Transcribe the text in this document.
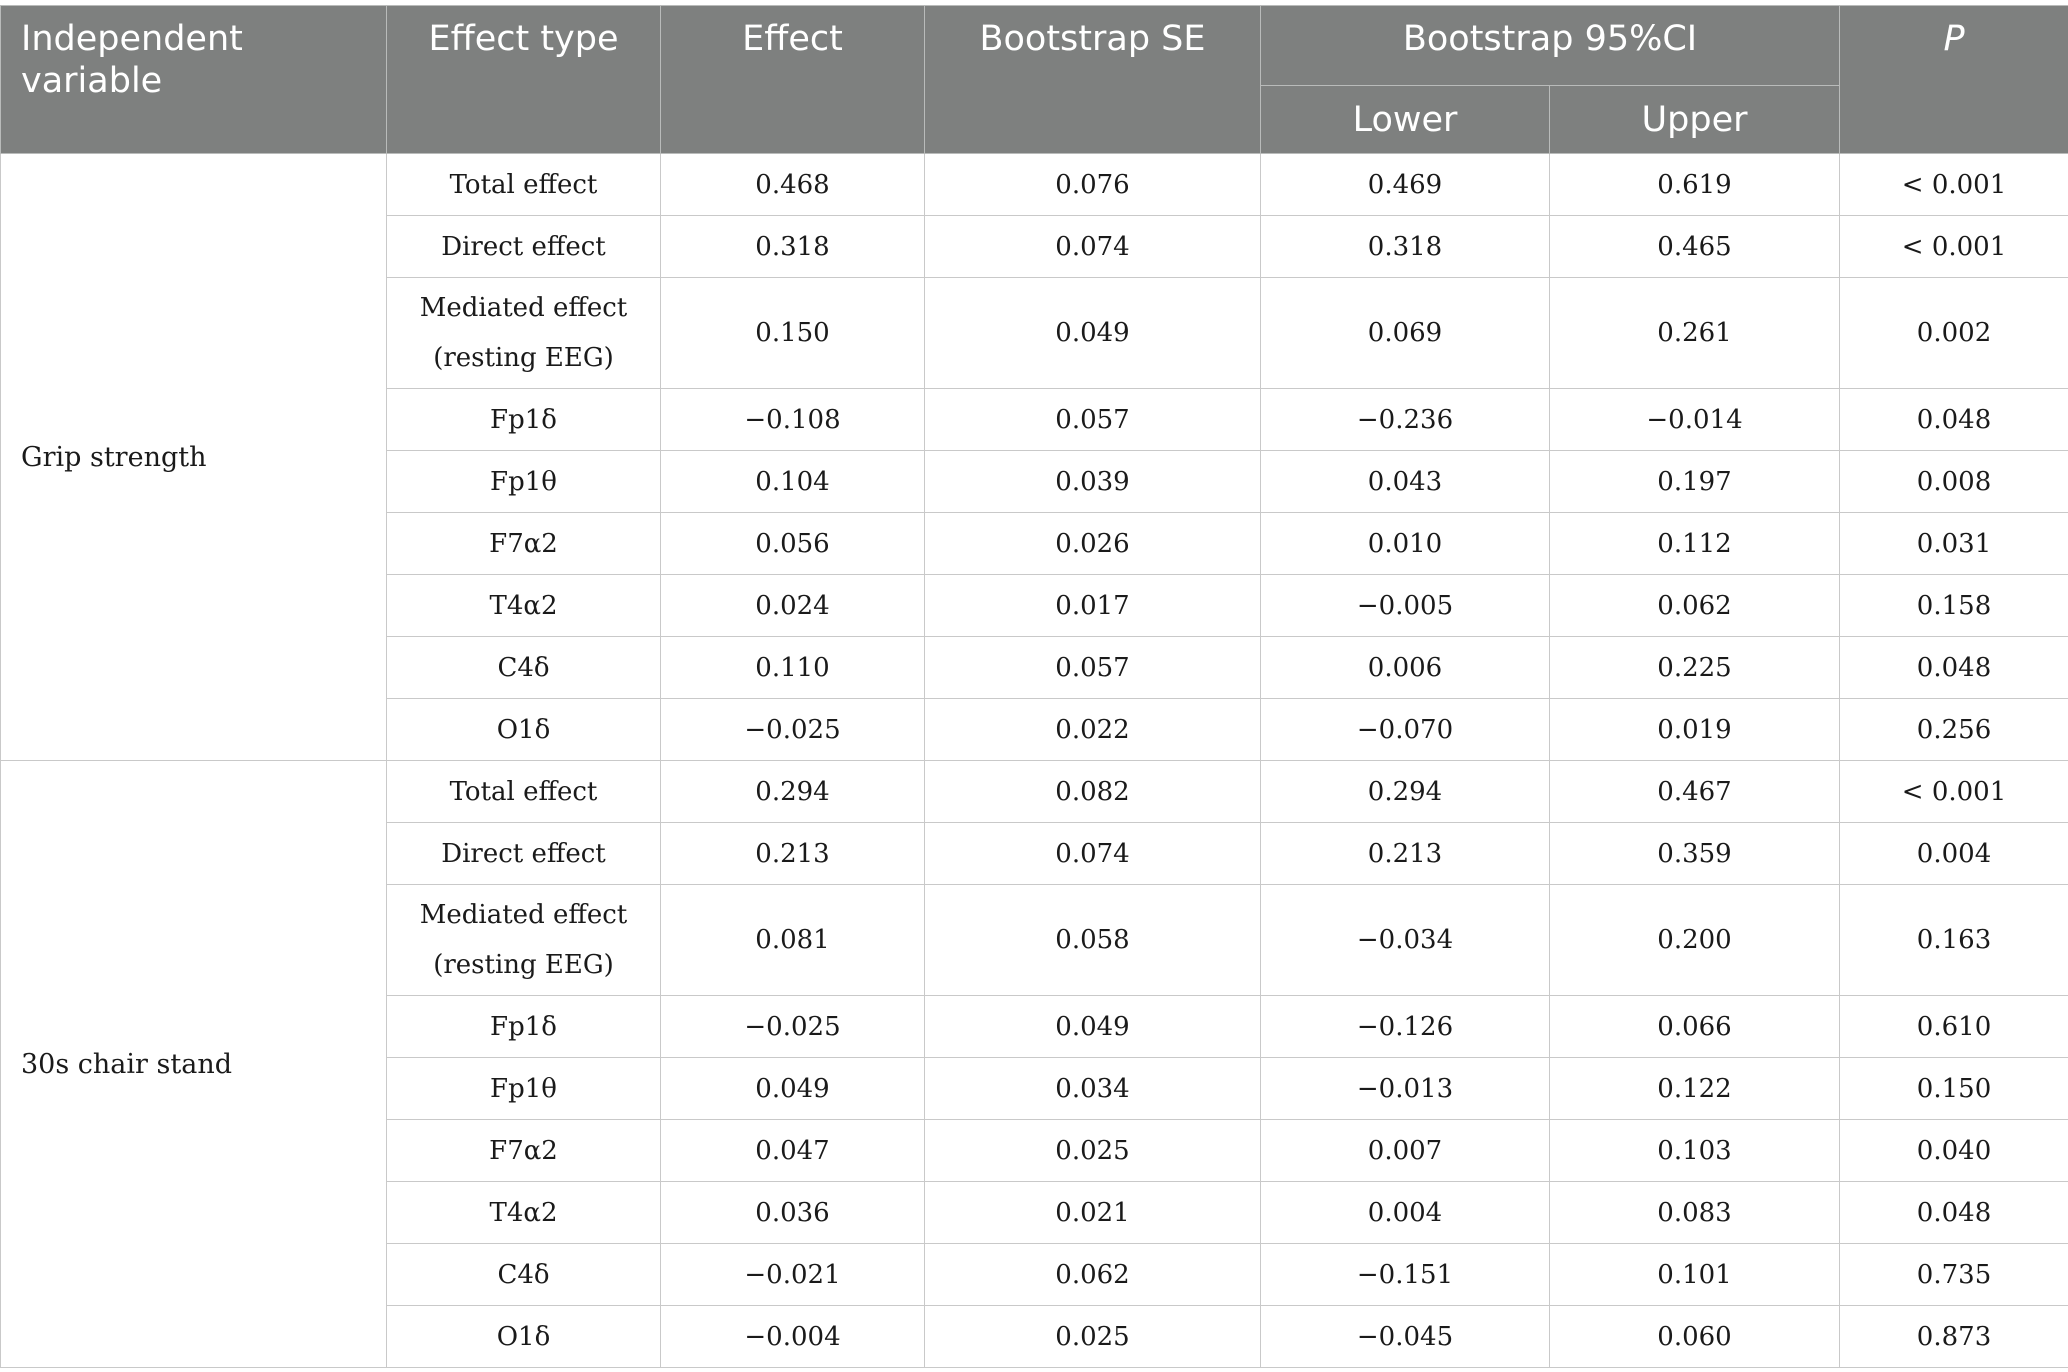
Independent variable	Effect type	Effect	Bootstrap SE	Bootstrap 95%CI		P
				Lower	Upper	
Grip strength	Total effect	0.468	0.076	0.469	0.619	< 0.001
	Direct effect	0.318	0.074	0.318	0.465	< 0.001
	Mediated effect (resting EEG)	0.150	0.049	0.069	0.261	0.002
	Fp1δ	−0.108	0.057	−0.236	−0.014	0.048
	Fp1θ	0.104	0.039	0.043	0.197	0.008
	F7α2	0.056	0.026	0.010	0.112	0.031
	T4α2	0.024	0.017	−0.005	0.062	0.158
	C4δ	0.110	0.057	0.006	0.225	0.048
	O1δ	−0.025	0.022	−0.070	0.019	0.256
30s chair stand	Total effect	0.294	0.082	0.294	0.467	< 0.001
	Direct effect	0.213	0.074	0.213	0.359	0.004
	Mediated effect (resting EEG)	0.081	0.058	−0.034	0.200	0.163
	Fp1δ	−0.025	0.049	−0.126	0.066	0.610
	Fp1θ	0.049	0.034	−0.013	0.122	0.150
	F7α2	0.047	0.025	0.007	0.103	0.040
	T4α2	0.036	0.021	0.004	0.083	0.048
	C4δ	−0.021	0.062	−0.151	0.101	0.735
	O1δ	−0.004	0.025	−0.045	0.060	0.873
